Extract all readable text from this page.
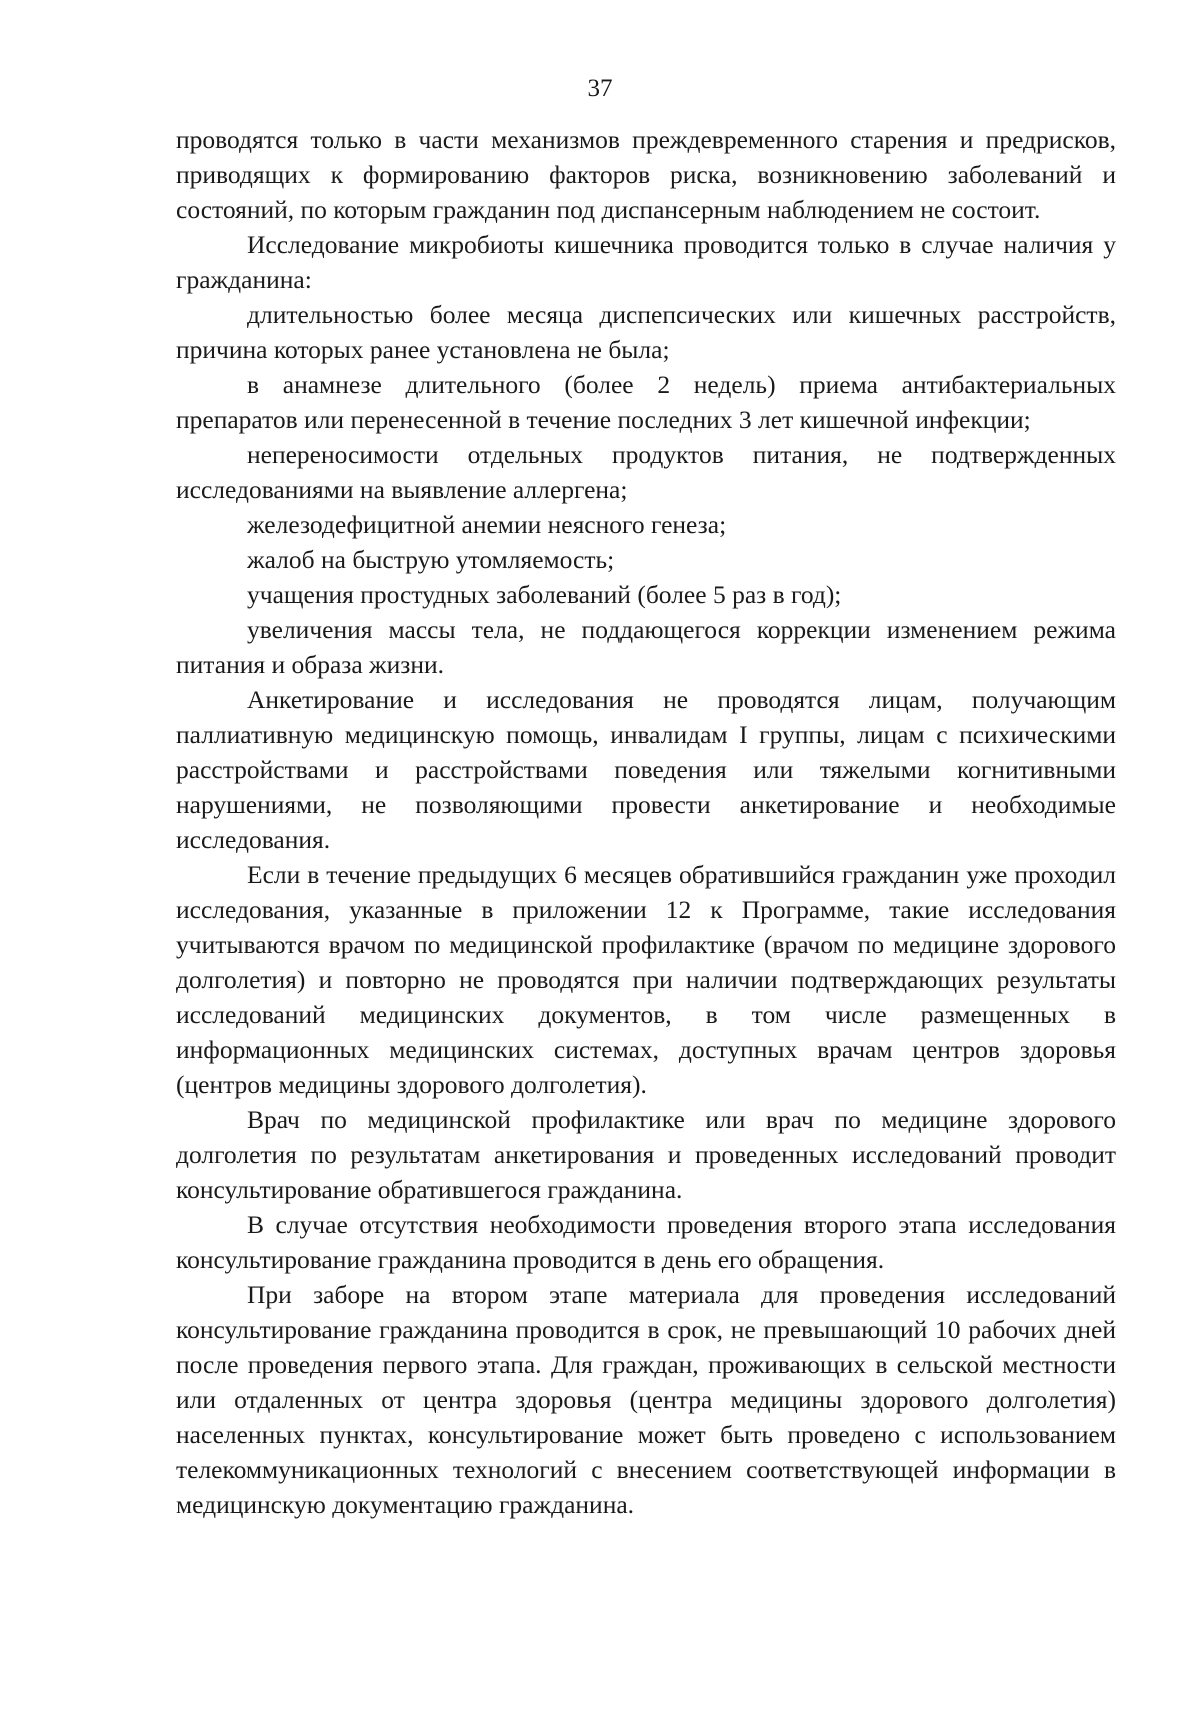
37

проводятся только в части механизмов преждевременного старения и предрисков, приводящих к формированию факторов риска, возникновению заболеваний и состояний, по которым гражданин под диспансерным наблюдением не состоит.

Исследование микробиоты кишечника проводится только в случае наличия у гражданина:

длительностью более месяца диспепсических или кишечных расстройств, причина которых ранее установлена не была;

в анамнезе длительного (более 2 недель) приема антибактериальных препаратов или перенесенной в течение последних 3 лет кишечной инфекции;

непереносимости отдельных продуктов питания, не подтвержденных исследованиями на выявление аллергена;

железодефицитной анемии неясного генеза;

жалоб на быструю утомляемость;

учащения простудных заболеваний (более 5 раз в год);

увеличения массы тела, не поддающегося коррекции изменением режима питания и образа жизни.

Анкетирование и исследования не проводятся лицам, получающим паллиативную медицинскую помощь, инвалидам I группы, лицам с психическими расстройствами и расстройствами поведения или тяжелыми когнитивными нарушениями, не позволяющими провести анкетирование и необходимые исследования.

Если в течение предыдущих 6 месяцев обратившийся гражданин уже проходил исследования, указанные в приложении 12 к Программе, такие исследования учитываются врачом по медицинской профилактике (врачом по медицине здорового долголетия) и повторно не проводятся при наличии подтверждающих результаты исследований медицинских документов, в том числе размещенных в информационных медицинских системах, доступных врачам центров здоровья (центров медицины здорового долголетия).

Врач по медицинской профилактике или врач по медицине здорового долголетия по результатам анкетирования и проведенных исследований проводит консультирование обратившегося гражданина.

В случае отсутствия необходимости проведения второго этапа исследования консультирование гражданина проводится в день его обращения.

При заборе на втором этапе материала для проведения исследований консультирование гражданина проводится в срок, не превышающий 10 рабочих дней после проведения первого этапа. Для граждан, проживающих в сельской местности или отдаленных от центра здоровья (центра медицины здорового долголетия) населенных пунктах, консультирование может быть проведено с использованием телекоммуникационных технологий с внесением соответствующей информации в медицинскую документацию гражданина.
